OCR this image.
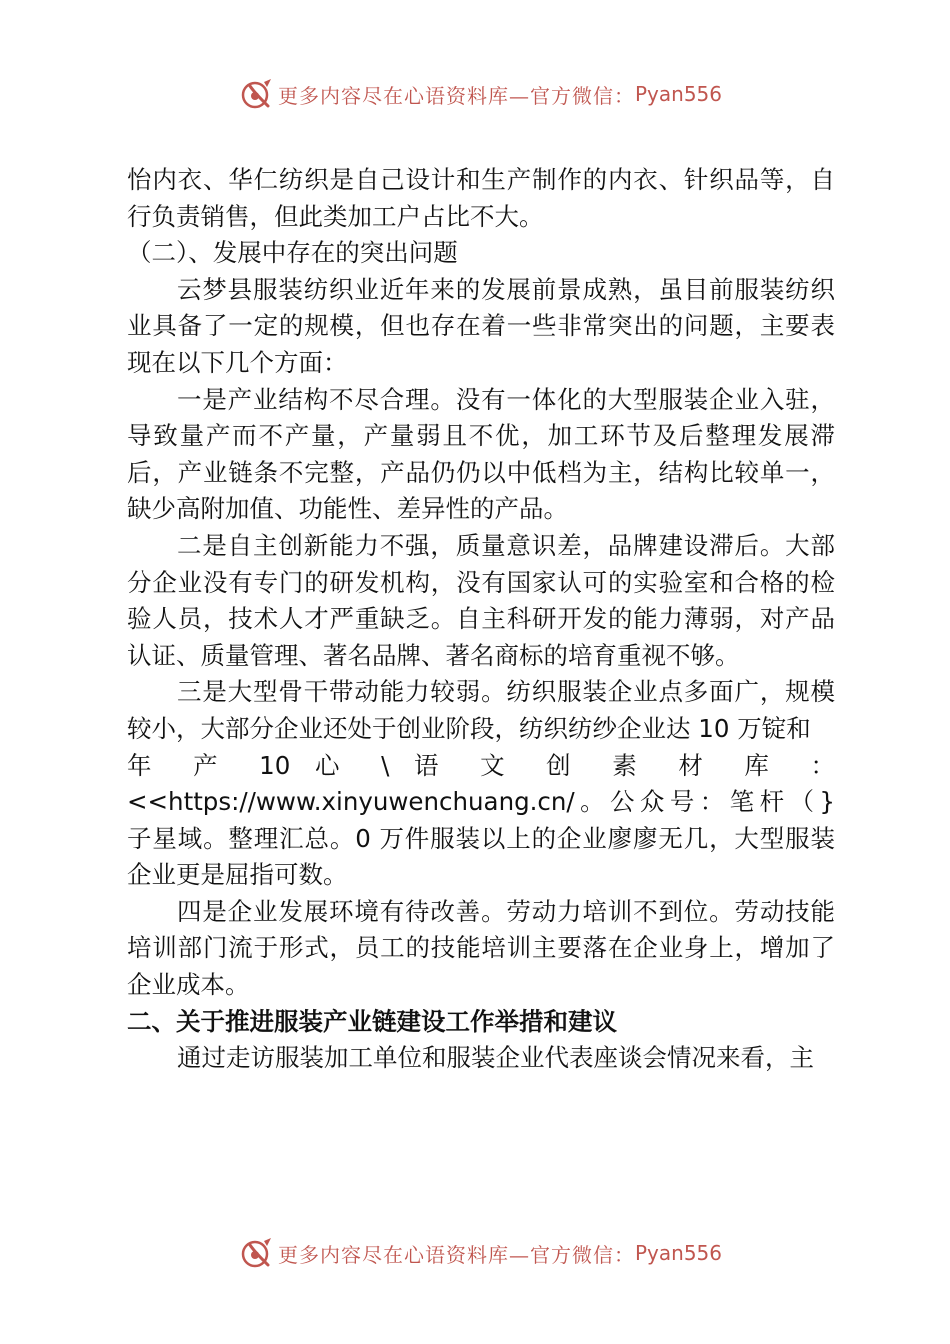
更多内容尽在心语资料库—官方微信： Pyan556

怡内衣、华仁纺织是自己设计和生产制作的内衣、针织品等，自行负责销售，但此类加工户占比不大。

（二）、发展中存在的突出问题

云梦县服装纺织业近年来的发展前景成熟，虽目前服装纺织业具备了一定的规模，但也存在着一些非常突出的问题，主要表 现在以下几个方面：

一是产业结构不尽合理。没有一体化的大型服装企业入驻，导致量产而不产量，产量弱且不优，加工环节及后整理发展滞后，产业链条不完整，产品仍仍以中低档为主，结构比较单一，缺少高附加值、功能性、差异性的产品。

二是自主创新能力不强，质量意识差，品牌建设滞后。大部分企业没有专门的研发机构，没有国家认可的实验室和合格的检验人员，技术人才严重缺乏。自主科研开发的能力薄弱，对产品认证、质量管理、著名品牌、著名商标的培育重视不够。

三是大型骨干带动能力较弱。纺织服装企业点多面广，规模较小，大部分企业还处于创业阶段，纺织纺纱企业达 10 万锭和

年 产 10 心 \ 语 文 创 素 材 库 ：

<<https://www.xinyuwenchuang.cn/。公众号：笔杆（}

子星域。整理汇总。0 万件服装以上的企业廖廖无几，大型服装企业更是屈指可数。

四是企业发展环境有待改善。劳动力培训不到位。劳动技能培训部门流于形式，员工的技能培训主要落在企业身上，增加了企业成本。

二、关于推进服装产业链建设工作举措和建议

通过走访服装加工单位和服装企业代表座谈会情况来看，主

更多内容尽在心语资料库—官方微信： Pyan556
